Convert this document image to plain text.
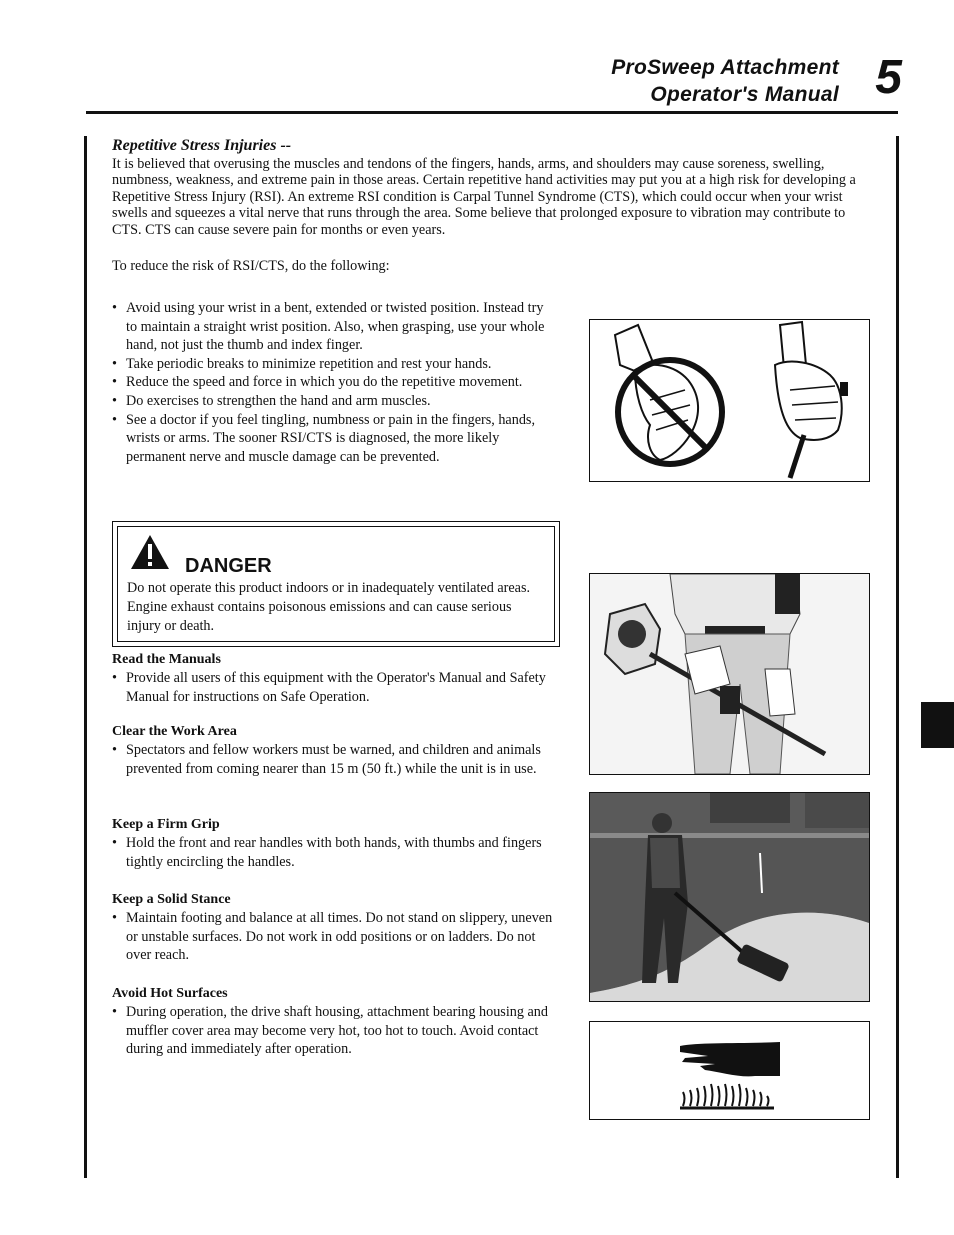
ProSweep Attachment
Operator's Manual 5
Repetitive Stress Injuries --
It is believed that overusing the muscles and tendons of the fingers, hands, arms, and shoulders may cause soreness, swelling, numbness, weakness, and extreme pain in those areas. Certain repetitive hand activities may put you at a high risk for developing a Repetitive Stress Injury (RSI). An extreme RSI condition is Carpal Tunnel Syndrome (CTS), which could occur when your wrist swells and squeezes a vital nerve that runs through the area. Some believe that prolonged exposure to vibration may contribute to CTS. CTS can cause severe pain for months or even years.
To reduce the risk of RSI/CTS, do the following:
• Avoid using your wrist in a bent, extended or twisted position. Instead try to maintain a straight wrist position. Also, when grasping, use your whole hand, not just the thumb and index finger.
• Take periodic breaks to minimize repetition and rest your hands.
• Reduce the speed and force in which you do the repetitive movement.
• Do exercises to strengthen the hand and arm muscles.
• See a doctor if you feel tingling, numbness or pain in the fingers, hands, wrists or arms. The sooner RSI/CTS is diagnosed, the more likely permanent nerve and muscle damage can be prevented.
DANGER
Do not operate this product indoors or in inadequately ventilated areas. Engine exhaust contains poisonous emissions and can cause serious injury or death.
Read the Manuals
• Provide all users of this equipment with the Operator's Manual and Safety Manual for instructions on Safe Operation.
Clear the Work Area
• Spectators and fellow workers must be warned, and children and animals prevented from coming nearer than 15 m (50 ft.) while the unit is in use.
Keep a Firm Grip
• Hold the front and rear handles with both hands, with thumbs and fingers tightly encircling the handles.
Keep a Solid Stance
• Maintain footing and balance at all times. Do not stand on slippery, uneven or unstable surfaces. Do not work in odd positions or on ladders. Do not over reach.
Avoid Hot Surfaces
• During operation, the drive shaft housing, attachment bearing housing and muffler cover area may become very hot, too hot to touch. Avoid contact during and immediately after operation.
